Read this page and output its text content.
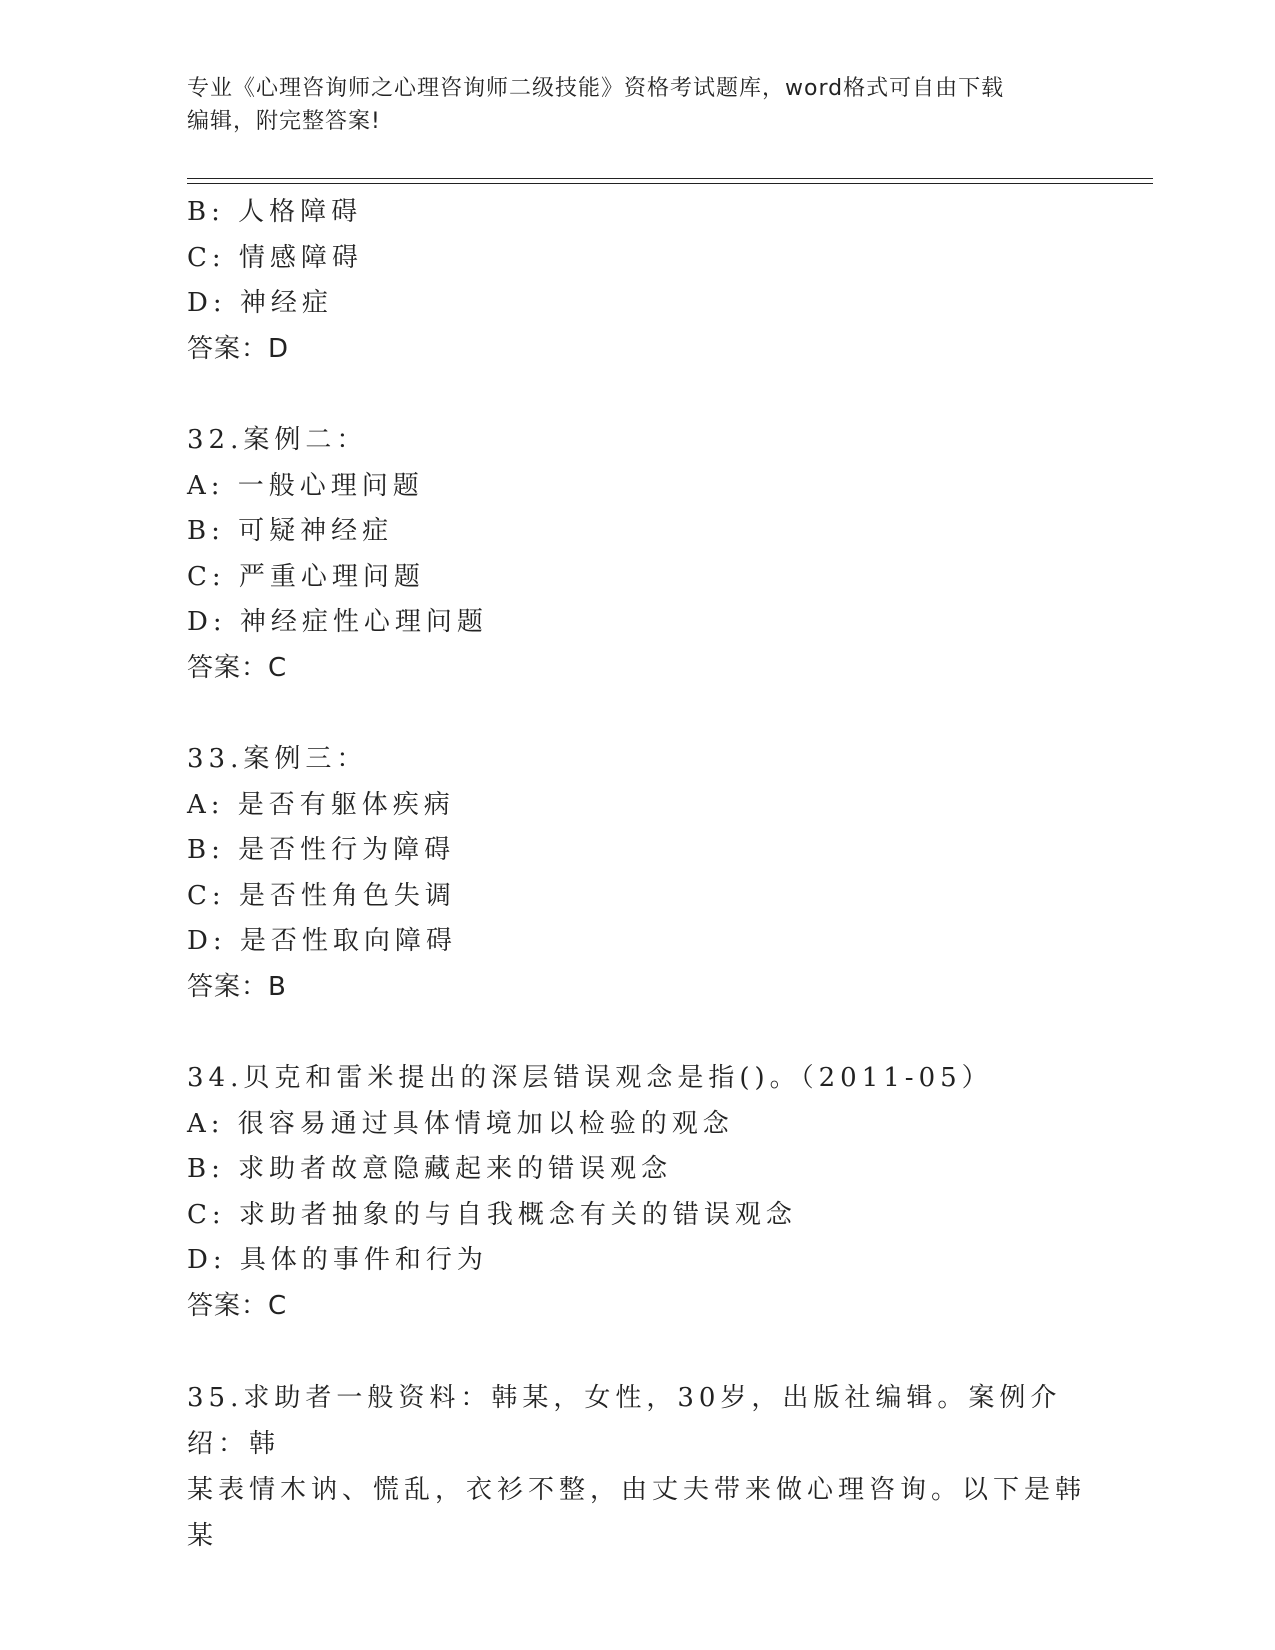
专业《心理咨询师之心理咨询师二级技能》资格考试题库，word格式可自由下载
编辑，附完整答案!
B: 人格障碍
C: 情感障碍
D: 神经症
答案：D
32.案例二：
A: 一般心理问题
B: 可疑神经症
C: 严重心理问题
D: 神经症性心理问题
答案：C
33.案例三：
A: 是否有躯体疾病
B: 是否性行为障碍
C: 是否性角色失调
D: 是否性取向障碍
答案：B
34.贝克和雷米提出的深层错误观念是指()。（2011-05）
A: 很容易通过具体情境加以检验的观念
B: 求助者故意隐藏起来的错误观念
C: 求助者抽象的与自我概念有关的错误观念
D: 具体的事件和行为
答案：C
35.求助者一般资料：韩某，女性，30岁，出版社编辑。案例介绍：韩
某表情木讷、慌乱，衣衫不整，由丈夫带来做心理咨询。以下是韩某
